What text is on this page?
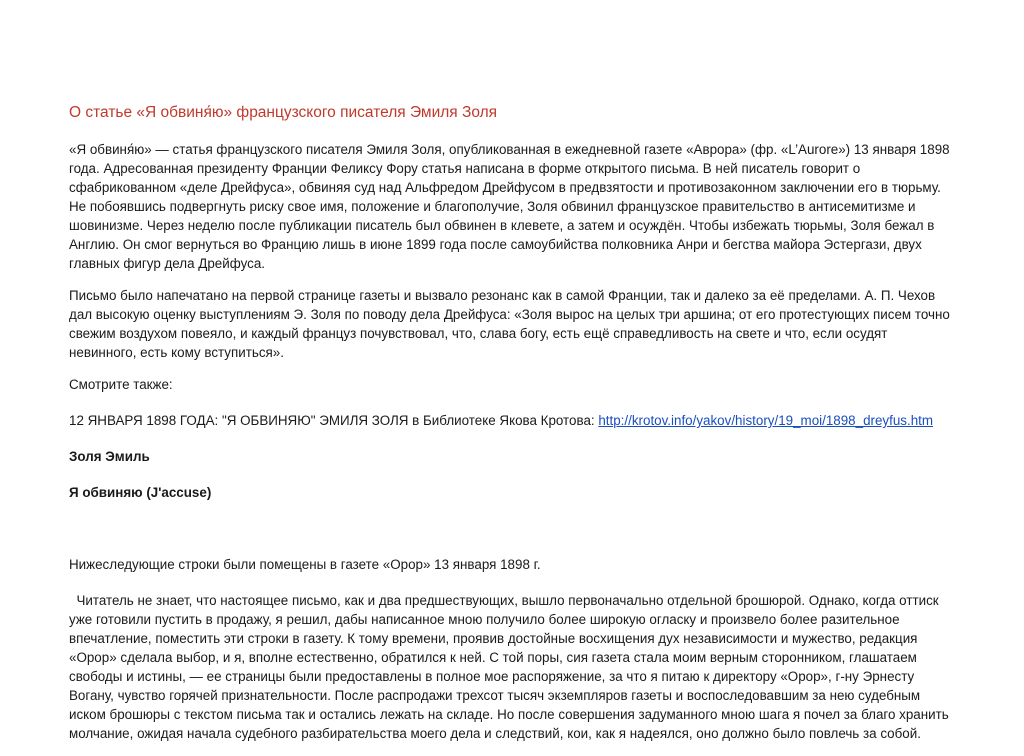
О статье «Я обвиня́ю» французского писателя Эмиля Золя

«Я обвиня́ю» — статья французского писателя Эмиля Золя, опубликованная в ежедневной газете «Аврора» (фр. «L’Aurore») 13 января 1898 года. Адресованная президенту Франции Феликсу Фору статья написана в форме открытого письма. В ней писатель говорит о сфабрикованном «деле Дрейфуса», обвиняя суд над Альфредом Дрейфусом в предвзятости и противозаконном заключении его в тюрьму. Не побоявшись подвергнуть риску свое имя, положение и благополучие, Золя обвинил французское правительство в антисемитизме и шовинизме. Через неделю после публикации писатель был обвинен в клевете, а затем и осуждён. Чтобы избежать тюрьмы, Золя бежал в Англию. Он смог вернуться во Францию лишь в июне 1899 года после самоубийства полковника Анри и бегства майора Эстергази, двух главных фигур дела Дрейфуса.

Письмо было напечатано на первой странице газеты и вызвало резонанс как в самой Франции, так и далеко за её пределами. А. П. Чехов дал высокую оценку выступлениям Э. Золя по поводу дела Дрейфуса: «Золя вырос на целых три аршина; от его протестующих писем точно свежим воздухом повеяло, и каждый француз почувствовал, что, слава богу, есть ещё справедливость на свете и что, если осудят невинного, есть кому вступиться».

Смотрите также:

12 ЯНВАРЯ 1898 ГОДА: "Я ОБВИНЯЮ" ЭМИЛЯ ЗОЛЯ в Библиотеке Якова Кротова: http://krotov.info/yakov/history/19_moi/1898_dreyfus.htm

Золя Эмиль

Я обвиняю (J'accuse)

Нижеследующие строки были помещены в газете «Орор» 13 января 1898 г.

Читатель не знает, что настоящее письмо, как и два предшествующих, вышло первоначально отдельной брошюрой. Однако, когда оттиск уже готовили пустить в продажу, я решил, дабы написанное мною получило более широкую огласку и произвело более разительное впечатление, поместить эти строки в газету. К тому времени, проявив достойные восхищения дух независимости и мужество, редакция «Орор» сделала выбор, и я, вполне естественно, обратился к ней. С той поры, сия газета стала моим верным сторонником, глашатаем свободы и истины, — ее страницы были предоставлены в полное мое распоряжение, за что я питаю к директору «Орор», г-ну Эрнесту Вогану, чувство горячей признательности. После распродажи трехсот тысяч экземпляров газеты и воспоследовавшим за нею судебным иском брошюры с текстом письма так и остались лежать на складе. Но после совершения задуманного мною шага я почел за благо хранить молчание, ожидая начала судебного разбирательства моего дела и следствий, кои, как я надеялся, оно должно было повлечь за собой.
